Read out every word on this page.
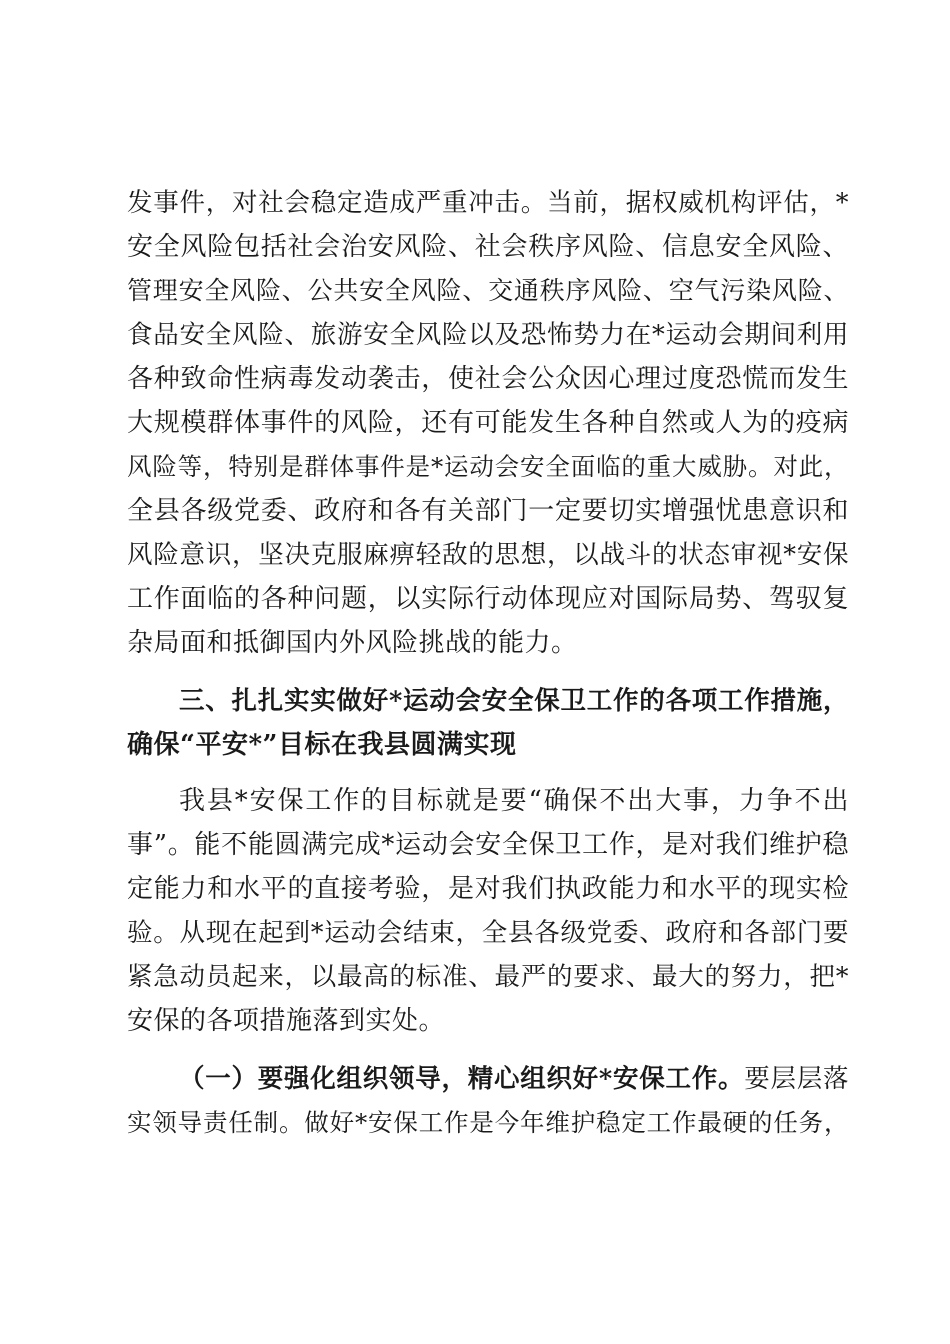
发事件，对社会稳定造成严重冲击。当前，据权威机构评估，*
安全风险包括社会治安风险、社会秩序风险、信息安全风险、
管理安全风险、公共安全风险、交通秩序风险、空气污染风险、
食品安全风险、旅游安全风险以及恐怖势力在*运动会期间利用
各种致命性病毒发动袭击，使社会公众因心理过度恐慌而发生
大规模群体事件的风险，还有可能发生各种自然或人为的疫病
风险等，特别是群体事件是*运动会安全面临的重大威胁。对此，
全县各级党委、政府和各有关部门一定要切实增强忧患意识和
风险意识，坚决克服麻痹轻敌的思想，以战斗的状态审视*安保
工作面临的各种问题，以实际行动体现应对国际局势、驾驭复
杂局面和抵御国内外风险挑战的能力。
三、扎扎实实做好*运动会安全保卫工作的各项工作措施，
确保“平安*”目标在我县圆满实现
我县*安保工作的目标就是要“确保不出大事，力争不出
事”。能不能圆满完成*运动会安全保卫工作，是对我们维护稳
定能力和水平的直接考验，是对我们执政能力和水平的现实检
验。从现在起到*运动会结束，全县各级党委、政府和各部门要
紧急动员起来，以最高的标准、最严的要求、最大的努力，把*
安保的各项措施落到实处。
（一）要强化组织领导，精心组织好*安保工作。要层层落
实领导责任制。做好*安保工作是今年维护稳定工作最硬的任务，
